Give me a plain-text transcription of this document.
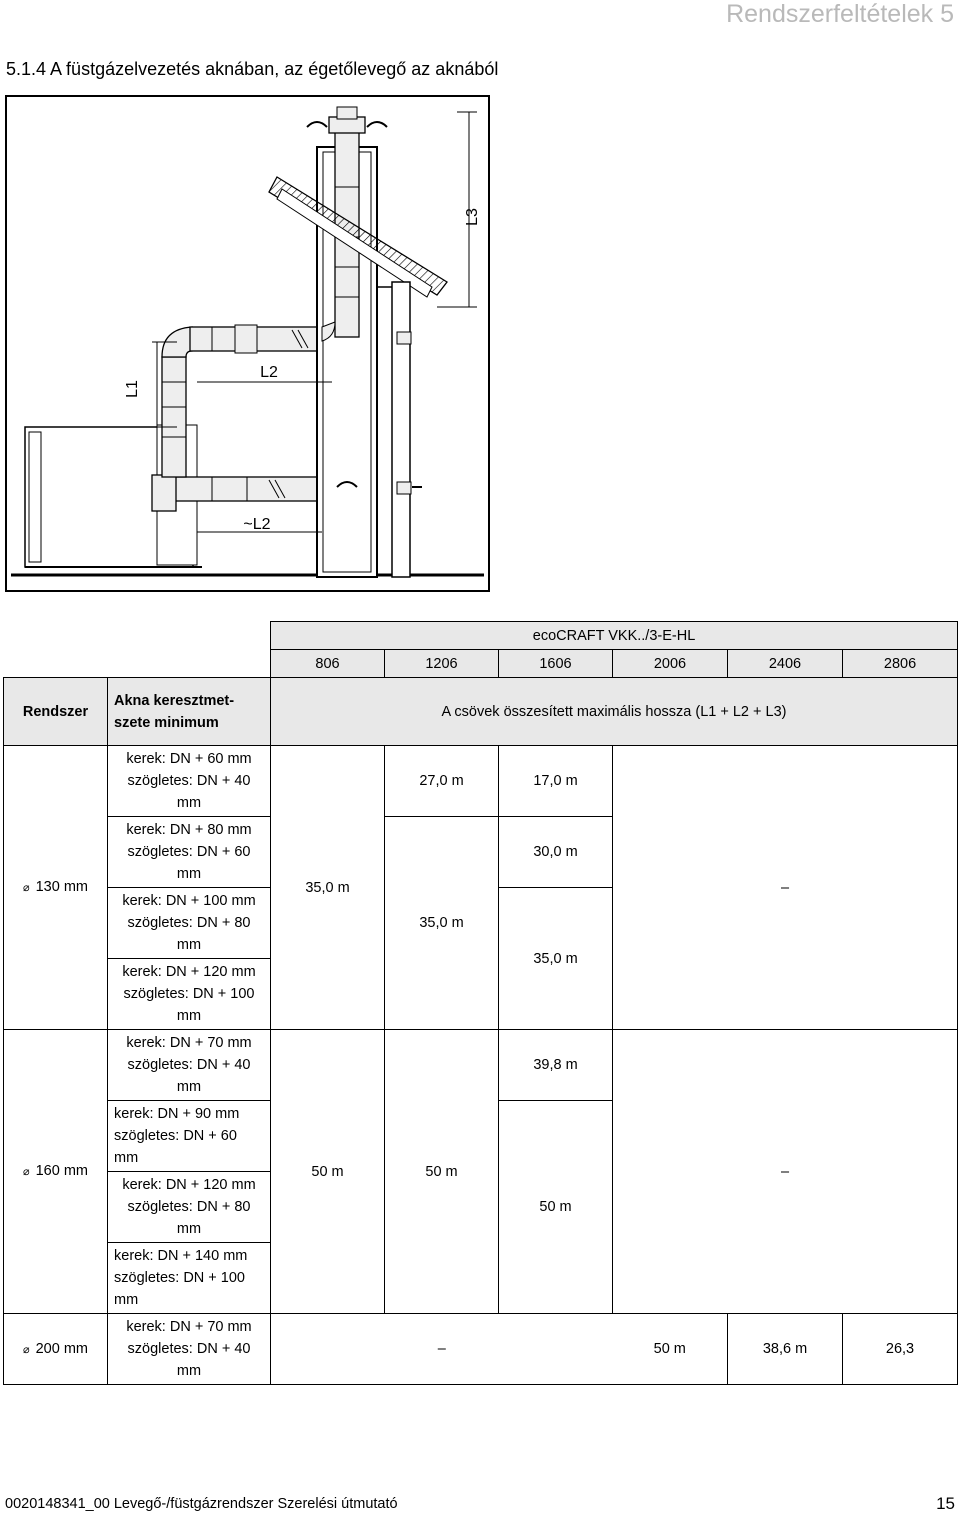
Rendszerfeltételek 5
5.1.4 A füstgázelvezetés aknában, az égetőlevegő az aknából
L1
L2
~L2
L3
		ecoCRAFT VKK../3-E-HL					
		806	1206	1606	2006	2406	2806
Rendszer	Akna keresztmet-szete minimum	A csövek összesített maximális hossza (L1 + L2 + L3)					
⌀ 130 mm	kerek: DN + 60 mm szögletes: DN + 40 mm	35,0 m	27,0 m	17,0 m	–		
	kerek: DN + 80 mm szögletes: DN + 60 mm		35,0 m	30,0 m			
	kerek: DN + 100 mm szögletes: DN + 80 mm			35,0 m			
	kerek: DN + 120 mm szögletes: DN + 100 mm						
⌀ 160 mm	kerek: DN + 70 mm szögletes: DN + 40 mm	50 m	50 m	39,8 m	–		
	kerek: DN + 90 mm szögletes: DN + 60 mm			50 m			
	kerek: DN + 120 mm szögletes: DN + 80 mm						
	kerek: DN + 140 mm szögletes: DN + 100 mm						
⌀ 200 mm	kerek: DN + 70 mm szögletes: DN + 40 mm	–			50 m	38,6 m	26,3
0020148341_00 Levegő-/füstgázrendszer Szerelési útmutató	15
